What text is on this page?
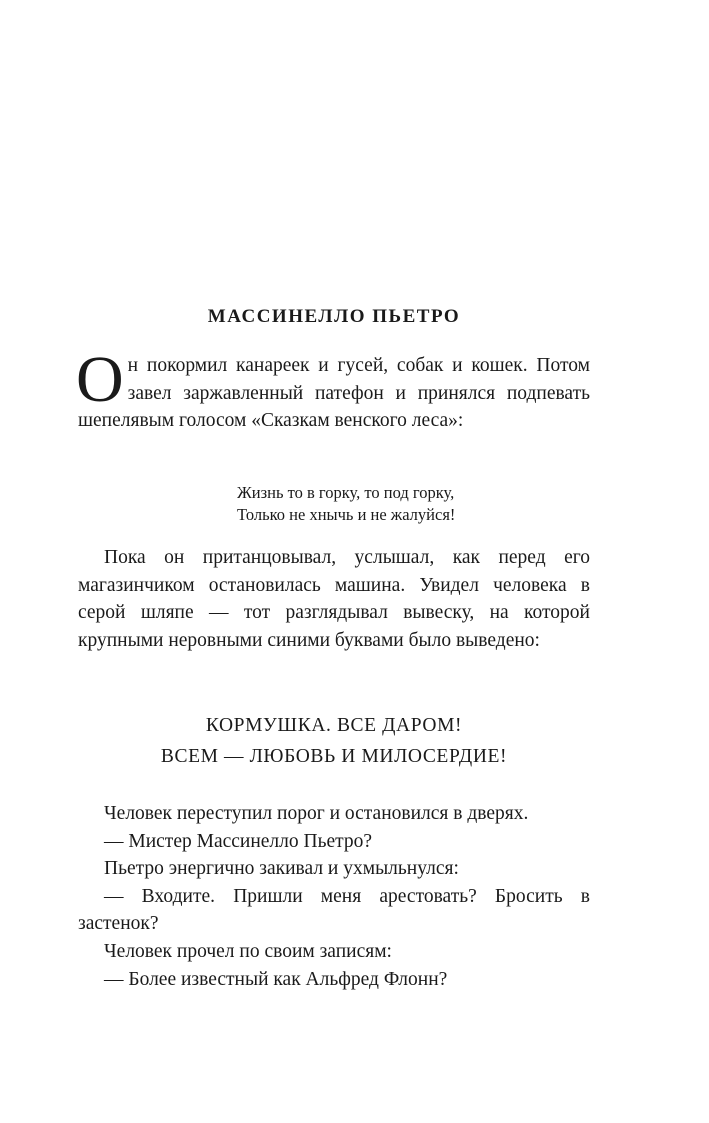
МАССИНЕЛЛО ПЬЕТРО

Он покормил канареек и гусей, собак и кошек. Потом завел заржавленный патефон и принялся подпевать шепелявым голосом «Сказкам венского леса»:

Жизнь то в горку, то под горку,
Только не хнычь и не жалуйся!

Пока он пританцовывал, услышал, как перед его магазинчиком остановилась машина. Увидел человека в серой шляпе — тот разглядывал вывеску, на которой крупными неровными синими буквами было выведено:

КОРМУШКА. ВСЕ ДАРОМ!
ВСЕМ — ЛЮБОВЬ И МИЛОСЕРДИЕ!

Человек переступил порог и остановился в дверях.

— Мистер Массинелло Пьетро?

Пьетро энергично закивал и ухмыльнулся:

— Входите. Пришли меня арестовать? Бросить в застенок?

Человек прочел по своим записям:

— Более известный как Альфред Флонн?
